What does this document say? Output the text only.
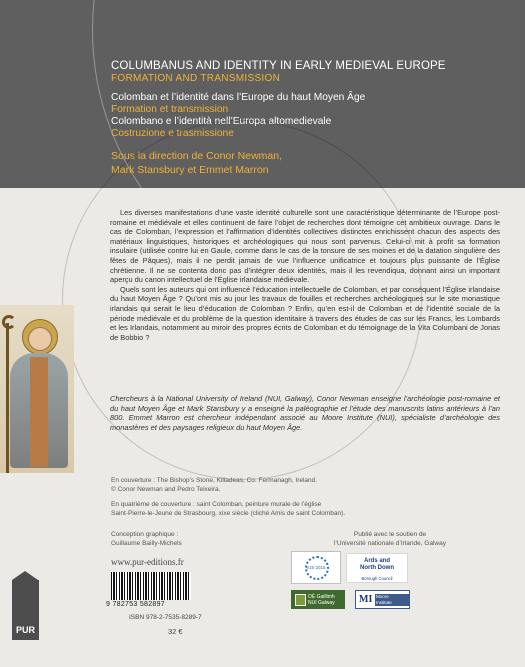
COLUMBANUS AND IDENTITY IN EARLY MEDIEVAL EUROPE
FORMATION AND TRANSMISSION
Colomban et l’identité dans l’Europe du haut Moyen Âge
Formation et transmission
Colombano e l’identità nell’Europa altomedievale
Costruzione e trasmissione
Sous la direction de Conor Newman,
Mark Stansbury et Emmet Marron

Les diverses manifestations d’une vaste identité culturelle sont une caractéristique déterminante de l’Europe post-romaine et médiévale et elles continuent de faire l’objet de recherches dont témoigne cet ambitieux ouvrage. Dans le cas de Colomban, l’expression et l’affirmation d’identités collectives distinctes enrichissent chacun des aspects des matériaux linguistiques, historiques et archéologiques qui nous sont parvenus. Celui-ci mit à profit sa formation insulaire (utilisée contre lui en Gaule, comme dans le cas de la tonsure de ses moines et de la datation singulière des fêtes de Pâques), mais il ne perdit jamais de vue l’influence unificatrice et toujours plus puissante de l’Église chrétienne. Il ne se contenta donc pas d’intégrer deux identités, mais il les revendiqua, donnant ainsi un important aperçu du canon intellectuel de l’Église irlandaise médiévale.

Quels sont les auteurs qui ont influencé l’éducation intellectuelle de Colomban, et par conséquent l’Église irlandaise du haut Moyen Âge ? Qu’ont mis au jour les travaux de fouilles et recherches archéologiques sur le site monastique irlandais qui serait le lieu d’éducation de Colomban ? Enfin, qu’en est-il de Colomban et de l’identité sociale de la période médiévale et du problème de la question identitaire à travers des études de cas sur les Francs, les Lombards et les Irlandais, notamment au miroir des propres écrits de Colomban et du témoignage de la Vita Columbani de Jonas de Bobbio ?

Chercheurs à la National University of Ireland (NUI, Galway), Conor Newman enseigne l’archéologie post-romaine et du haut Moyen Âge et Mark Stansbury y a enseigné la paléographie et l’étude des manuscrits latins antérieurs à l’an 800. Emmet Marron est chercheur indépendant associé au Moore Institute (NUI), spécialiste d’archéologie des monastères et des paysages religieux du haut Moyen Âge.
En couverture : The Bishop’s Stone, Killadeas, Co. Fermanagh, Ireland.
© Conor Newman and Pedro Teixeira.
En quatrième de couverture : saint Colomban, peinture murale de l’église
Saint-Pierre-le-Jeune de Strasbourg, xixe siècle (cliché Amis de saint Colomban).
Conception graphique :
Guillaume Bailly-Michels
Publié avec le soutien de
l’Université nationale d’Irlande, Galway
www.pur-editions.fr
9 782753 582897
ISBN 978-2-7535-8289-7
32 €
PUR
e15·2015
Ards and
North Down
Borough Council
OÉ Gaillimh
NUI Galway MI Moore
Institute
